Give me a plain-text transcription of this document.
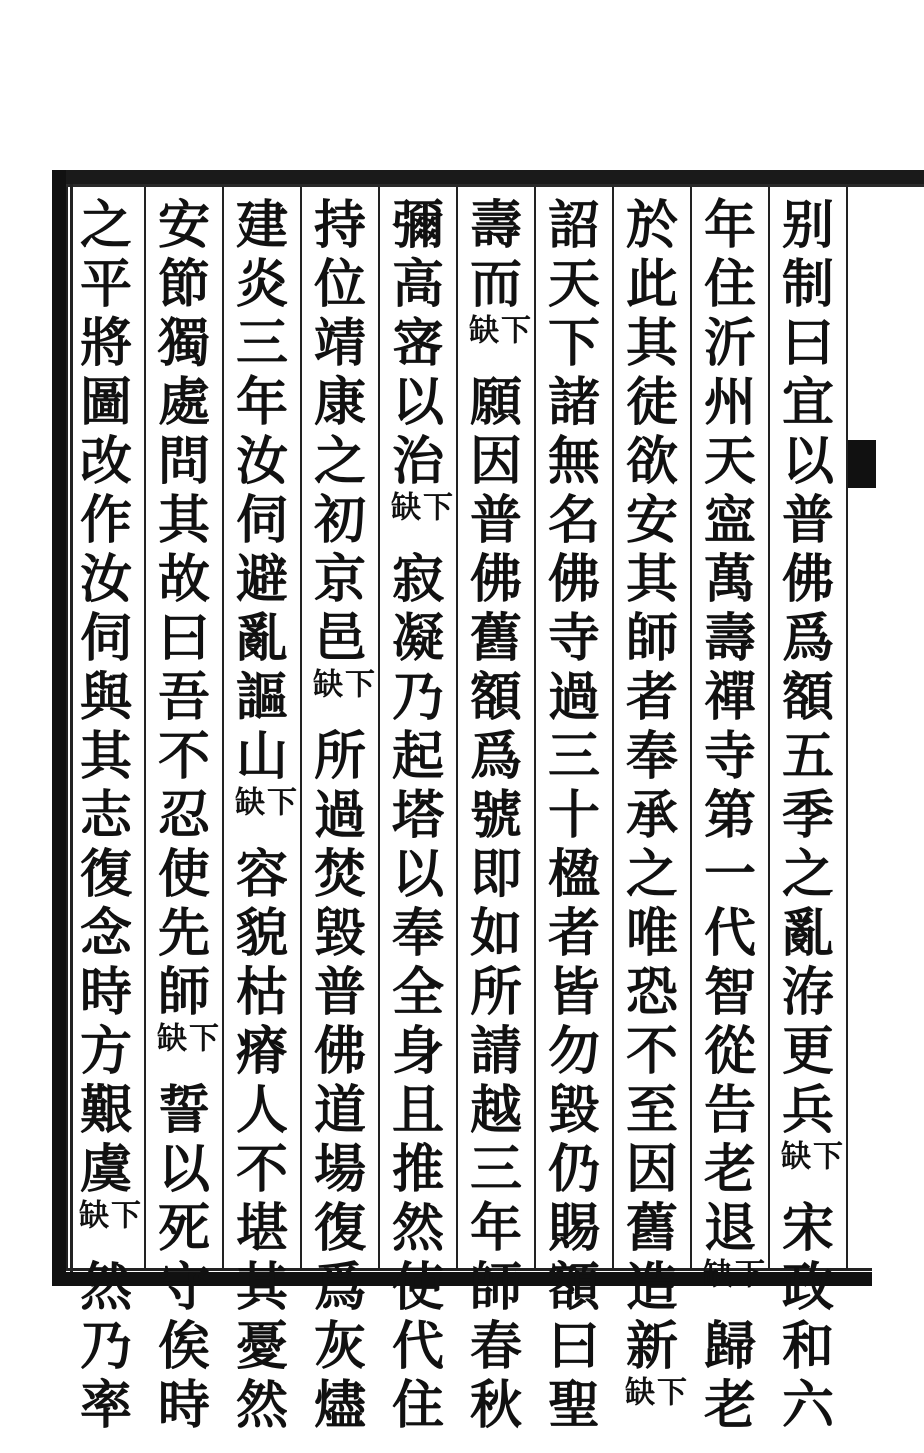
别
制
曰
宜
以
普
佛
爲
額
五
季
之
亂
洊
更
兵
下
缺
宋
政
和
六
年
住
沂
州
天
寍
萬
壽
禪
寺
第
一
代
智
從
告
老
退
下
缺
歸
老
於
此
其
徒
欲
安
其
師
者
奉
承
之
唯
恐
不
至
因
舊
造
新
下
缺
詔
天
下
諸
無
名
佛
寺
過
三
十
楹
者
皆
勿
毀
仍
賜
額
曰
聖
壽
而
下
缺
願
因
普
佛
舊
額
爲
號
即
如
所
請
越
三
年
師
春
秋
彌
高
宻
以
治
下
缺
寂
凝
乃
起
塔
以
奉
全
身
且
推
然
使
代
住
持
位
靖
康
之
初
京
邑
下
缺
所
過
焚
毀
普
佛
道
場
復
爲
灰
燼
建
炎
三
年
汝
伺
避
亂
謳
山
下
缺
容
貌
枯
瘠
人
不
堪
其
憂
然
安
節
獨
處
問
其
故
曰
吾
不
忍
使
先
師
下
缺
誓
以
死
守
俟
時
之
平
將
圖
改
作
汝
伺
與
其
志
復
念
時
方
艱
虞
下
缺
然
乃
率
